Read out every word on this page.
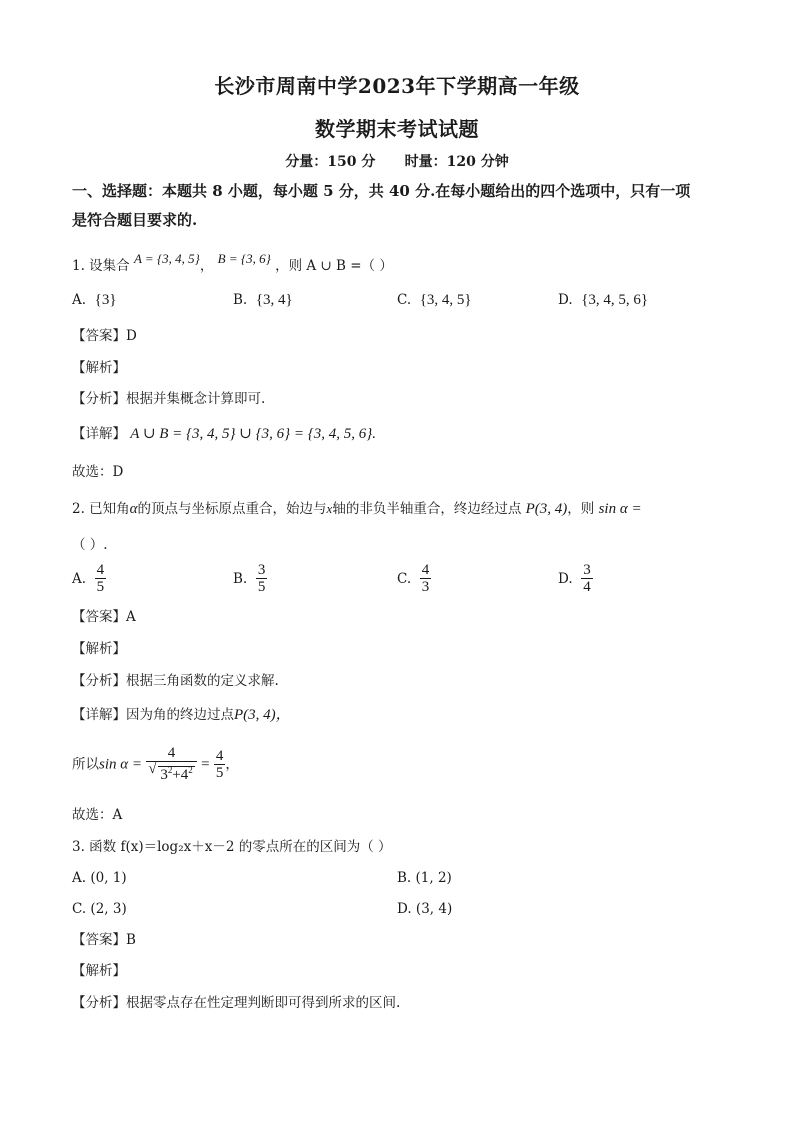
长沙市周南中学2023年下学期高一年级
数学期末考试试题
分量：150 分      时量：120 分钟
一、选择题：本题共 8 小题，每小题 5 分，共 40 分.在每小题给出的四个选项中，只有一项
是符合题目要求的.
1. 设集合 A = {3, 4, 5}， B = {3, 6} ，则 A ∪ B =（ ）
A. {3}	B. {3, 4}	C. {3, 4, 5}	D. {3, 4, 5, 6}
【答案】D
【解析】
【分析】根据并集概念计算即可.
【详解】 A ∪ B = {3, 4, 5} ∪ {3, 6} = {3, 4, 5, 6}.
故选：D
2. 已知角α的顶点与坐标原点重合，始边与x轴的非负半轴重合，终边经过点 P(3, 4)，则 sin α =
（ ）.
A. $\frac{4}{5}$	B. $\frac{3}{5}$	C. $\frac{4}{3}$	D. $\frac{3}{4}$
【答案】A
【解析】
【分析】根据三角函数的定义求解.
【详解】因为角的终边过点P(3, 4)，
所以sin α = 4
√ $3^2+4^2 = \frac{4}{5}$ ，
故选：A
3. 函数 f(x)＝log₂x＋x－2 的零点所在的区间为（ ）
A. (0, 1)	B. (1, 2)
C. (2, 3)	D. (3, 4)
【答案】B
【解析】
【分析】根据零点存在性定理判断即可得到所求的区间.
